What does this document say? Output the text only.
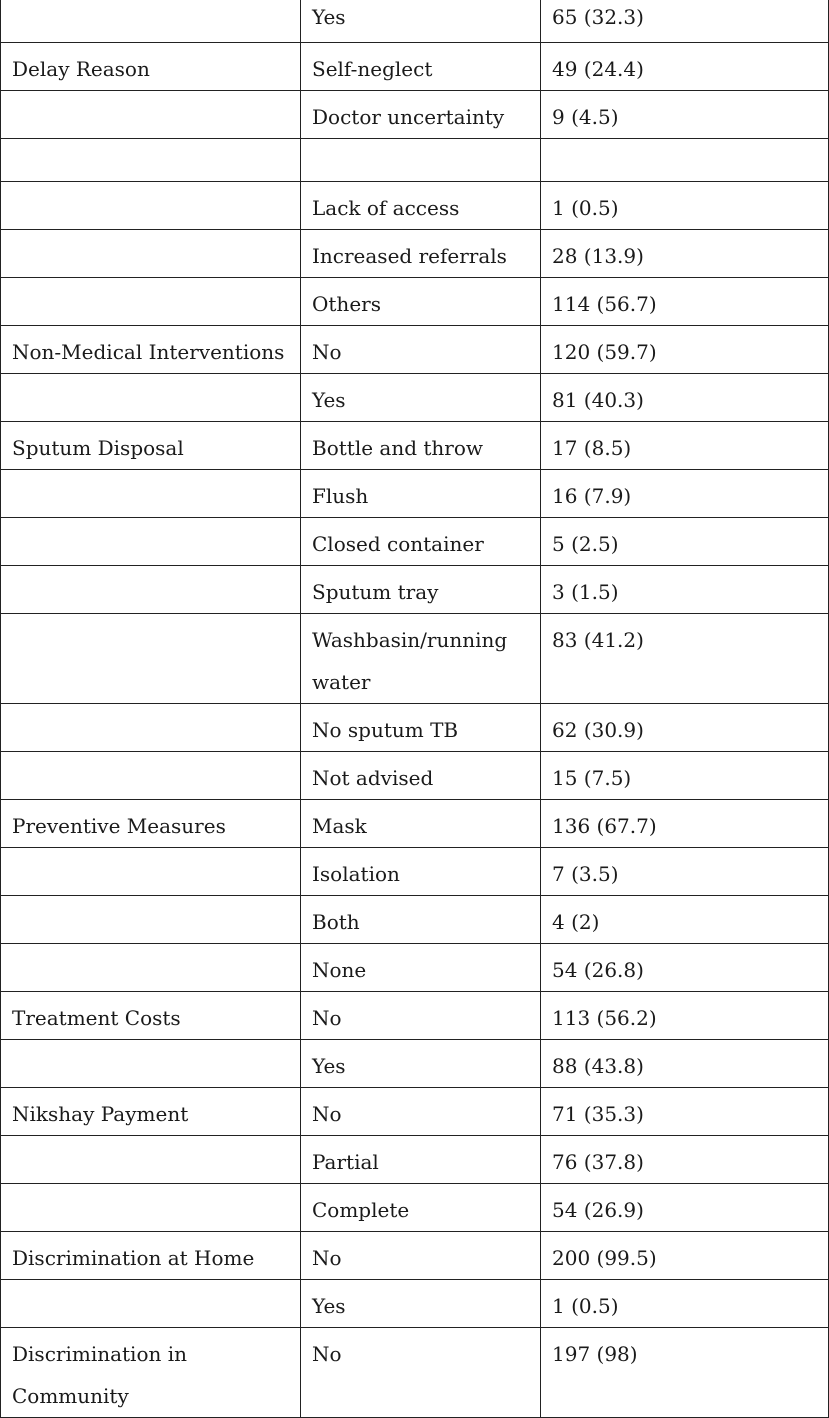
	Yes	65 (32.3)
Delay Reason	Self-neglect	49 (24.4)
	Doctor uncertainty	9 (4.5)

	Lack of access	1 (0.5)
	Increased referrals	28 (13.9)
	Others	114 (56.7)
Non-Medical Interventions	No	120 (59.7)
	Yes	81 (40.3)
Sputum Disposal	Bottle and throw	17 (8.5)
	Flush	16 (7.9)
	Closed container	5 (2.5)
	Sputum tray	3 (1.5)
	Washbasin/running water	83 (41.2)
	No sputum TB	62 (30.9)
	Not advised	15 (7.5)
Preventive Measures	Mask	136 (67.7)
	Isolation	7 (3.5)
	Both	4 (2)
	None	54 (26.8)
Treatment Costs	No	113 (56.2)
	Yes	88 (43.8)
Nikshay Payment	No	71 (35.3)
	Partial	76 (37.8)
	Complete	54 (26.9)
Discrimination at Home	No	200 (99.5)
	Yes	1 (0.5)
Discrimination in Community	No	197 (98)
